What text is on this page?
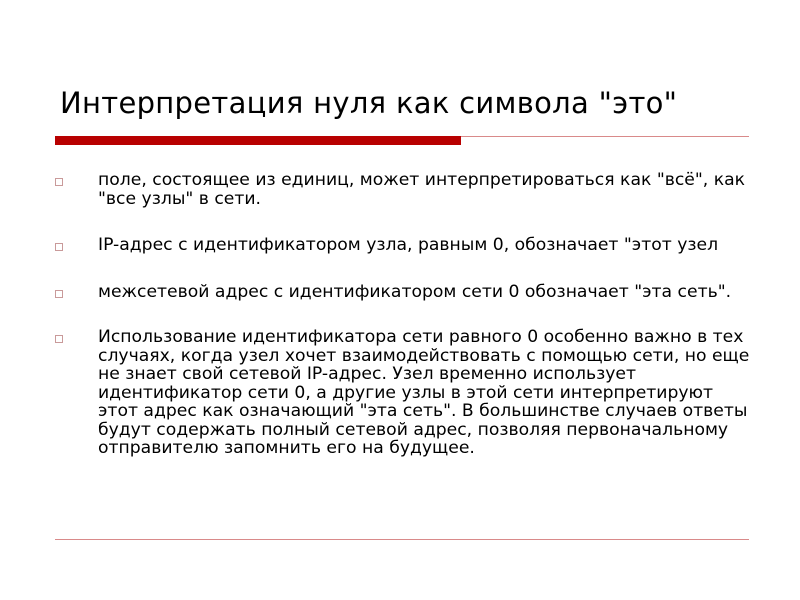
Интерпретация нуля как символа "это"
поле, состоящее из единиц, может интерпретироваться как "всё", как "все узлы" в сети.
IP-адрес с идентификатором узла, равным 0, обозначает "этот узел
межсетевой адрес с идентификатором сети 0 обозначает "эта сеть".
Использование идентификатора сети равного 0 особенно важно в тех случаях, когда узел хочет взаимодействовать с помощью сети, но еще не знает свой сетевой IP-адрес. Узел временно использует идентификатор сети 0, а другие узлы в этой сети интерпретируют этот адрес как означающий "эта сеть". В большинстве случаев ответы будут содержать полный сетевой адрес, позволяя первоначальному отправителю запомнить его на будущее.
